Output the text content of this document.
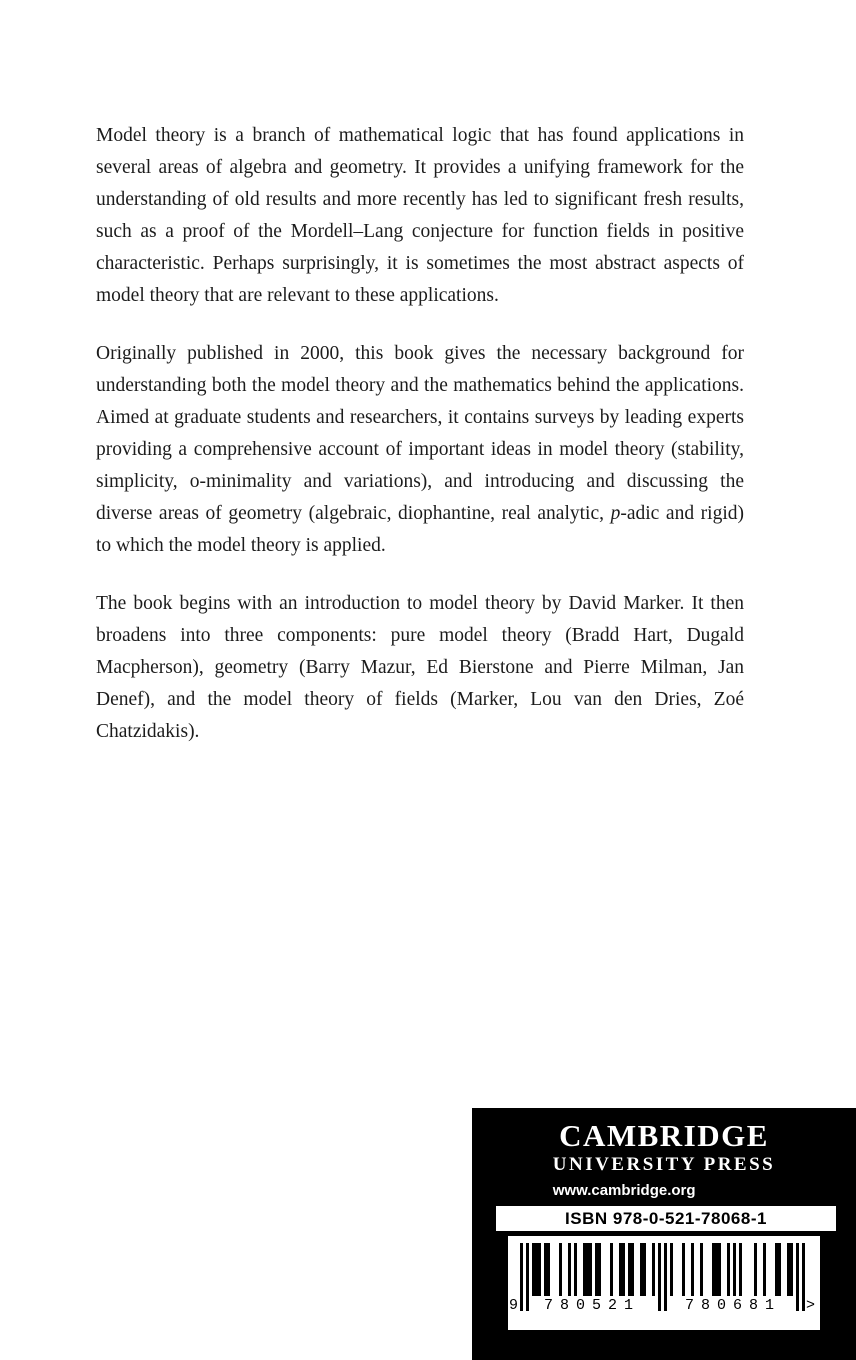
Model theory is a branch of mathematical logic that has found applications in several areas of algebra and geometry. It provides a unifying framework for the understanding of old results and more recently has led to significant fresh results, such as a proof of the Mordell–Lang conjecture for function fields in positive characteristic. Perhaps surprisingly, it is sometimes the most abstract aspects of model theory that are relevant to these applications.

Originally published in 2000, this book gives the necessary background for understanding both the model theory and the mathematics behind the applications. Aimed at graduate students and researchers, it contains surveys by leading experts providing a comprehensive account of important ideas in model theory (stability, simplicity, o-minimality and variations), and introducing and discussing the diverse areas of geometry (algebraic, diophantine, real analytic, p-adic and rigid) to which the model theory is applied.

The book begins with an introduction to model theory by David Marker. It then broadens into three components: pure model theory (Bradd Hart, Dugald Macpherson), geometry (Barry Mazur, Ed Bierstone and Pierre Milman, Jan Denef), and the model theory of fields (Marker, Lou van den Dries, Zoé Chatzidakis).

CAMBRIDGE
UNIVERSITY PRESS
www.cambridge.org
ISBN 978-0-521-78068-1
9	780521	780681	>
